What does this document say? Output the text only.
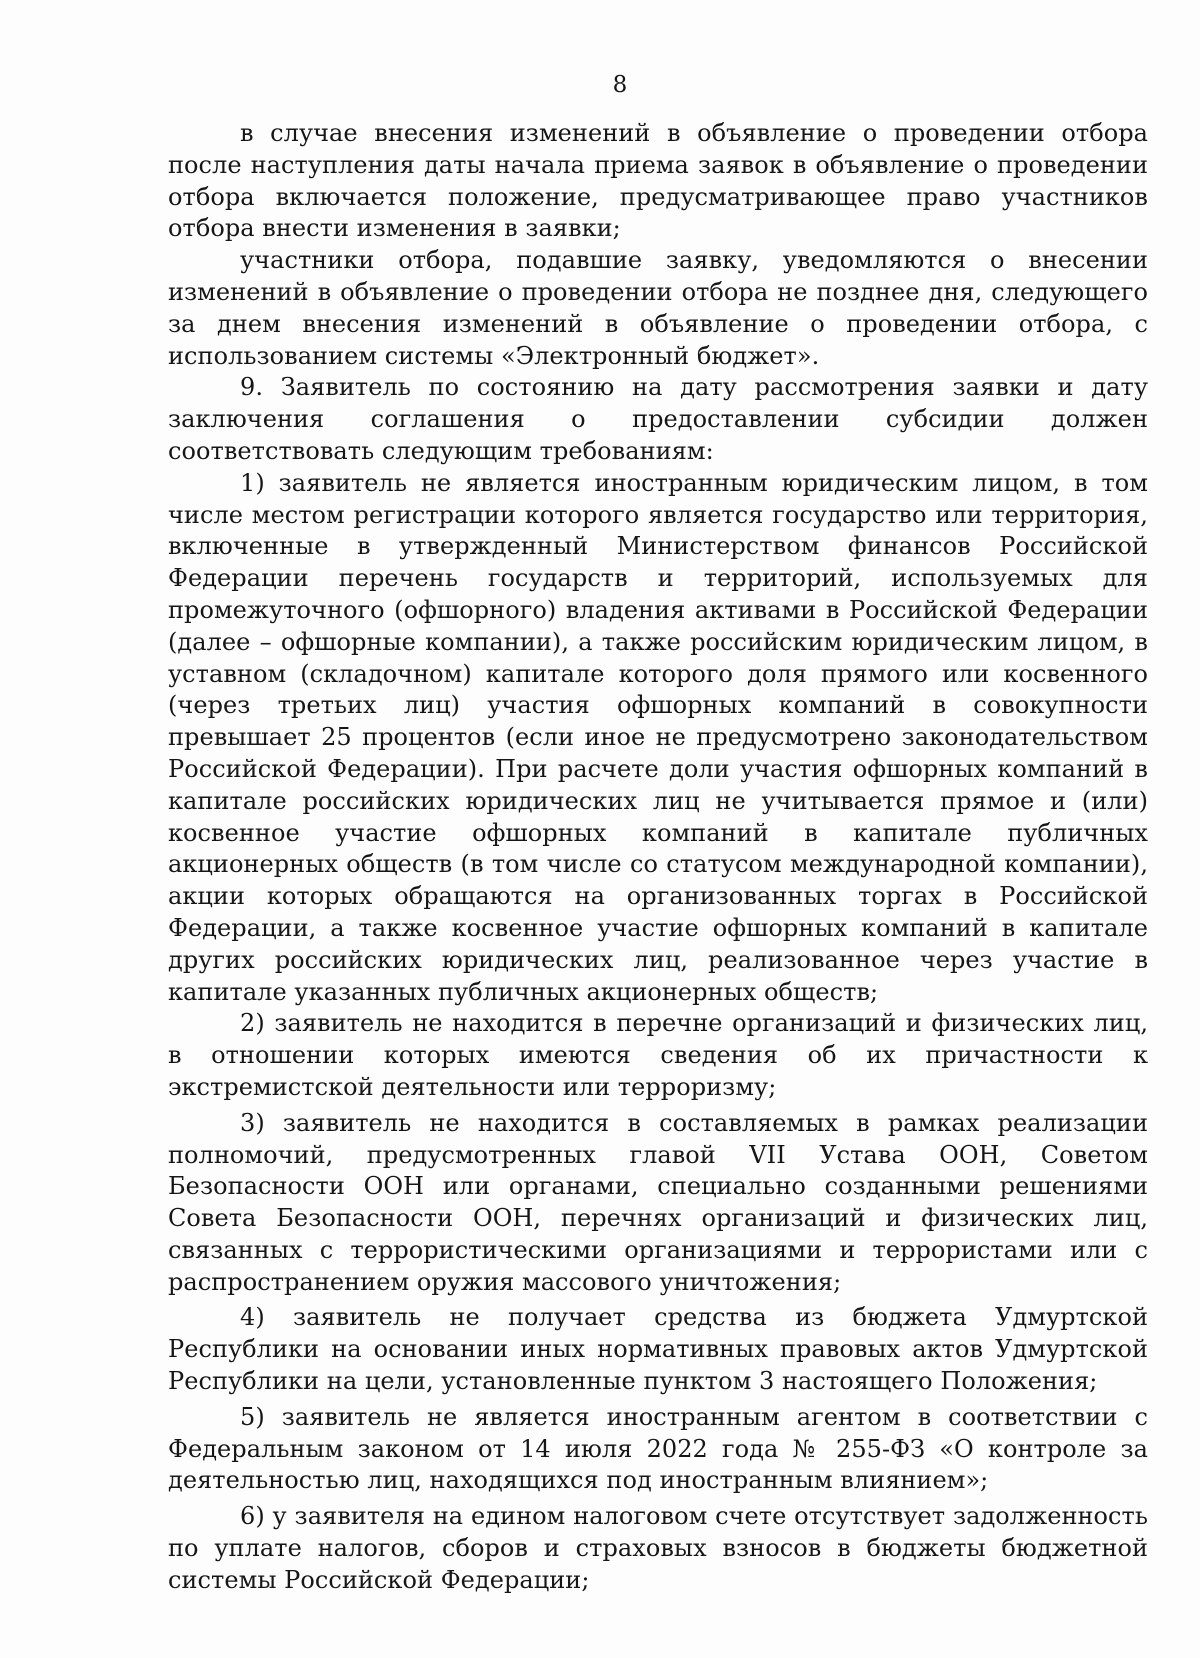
8

в случае внесения изменений в объявление о проведении отбора после наступления даты начала приема заявок в объявление о проведении отбора включается положение, предусматривающее право участников отбора внести изменения в заявки;

участники отбора, подавшие заявку, уведомляются о внесении изменений в объявление о проведении отбора не позднее дня, следующего за днем внесения изменений в объявление о проведении отбора, с использованием системы «Электронный бюджет».

9. Заявитель по состоянию на дату рассмотрения заявки и дату заключения соглашения о предоставлении субсидии должен соответствовать следующим требованиям:

1) заявитель не является иностранным юридическим лицом, в том числе местом регистрации которого является государство или территория, включенные в утвержденный Министерством финансов Российской Федерации перечень государств и территорий, используемых для промежуточного (офшорного) владения активами в Российской Федерации (далее – офшорные компании), а также российским юридическим лицом, в уставном (складочном) капитале которого доля прямого или косвенного (через третьих лиц) участия офшорных компаний в совокупности превышает 25 процентов (если иное не предусмотрено законодательством Российской Федерации). При расчете доли участия офшорных компаний в капитале российских юридических лиц не учитывается прямое и (или) косвенное участие офшорных компаний в капитале публичных акционерных обществ (в том числе со статусом международной компании), акции которых обращаются на организованных торгах в Российской Федерации, а также косвенное участие офшорных компаний в капитале других российских юридических лиц, реализованное через участие в капитале указанных публичных акционерных обществ;

2) заявитель не находится в перечне организаций и физических лиц, в отношении которых имеются сведения об их причастности к экстремистской деятельности или терроризму;

3) заявитель не находится в составляемых в рамках реализации полномочий, предусмотренных главой VII Устава ООН, Советом Безопасности ООН или органами, специально созданными решениями Совета Безопасности ООН, перечнях организаций и физических лиц, связанных с террористическими организациями и террористами или с распространением оружия массового уничтожения;

4) заявитель не получает средства из бюджета Удмуртской Республики на основании иных нормативных правовых актов Удмуртской Республики на цели, установленные пунктом 3 настоящего Положения;

5) заявитель не является иностранным агентом в соответствии с Федеральным законом от 14 июля 2022 года № 255-ФЗ «О контроле за деятельностью лиц, находящихся под иностранным влиянием»;

6) у заявителя на едином налоговом счете отсутствует задолженность по уплате налогов, сборов и страховых взносов в бюджеты бюджетной системы Российской Федерации;
